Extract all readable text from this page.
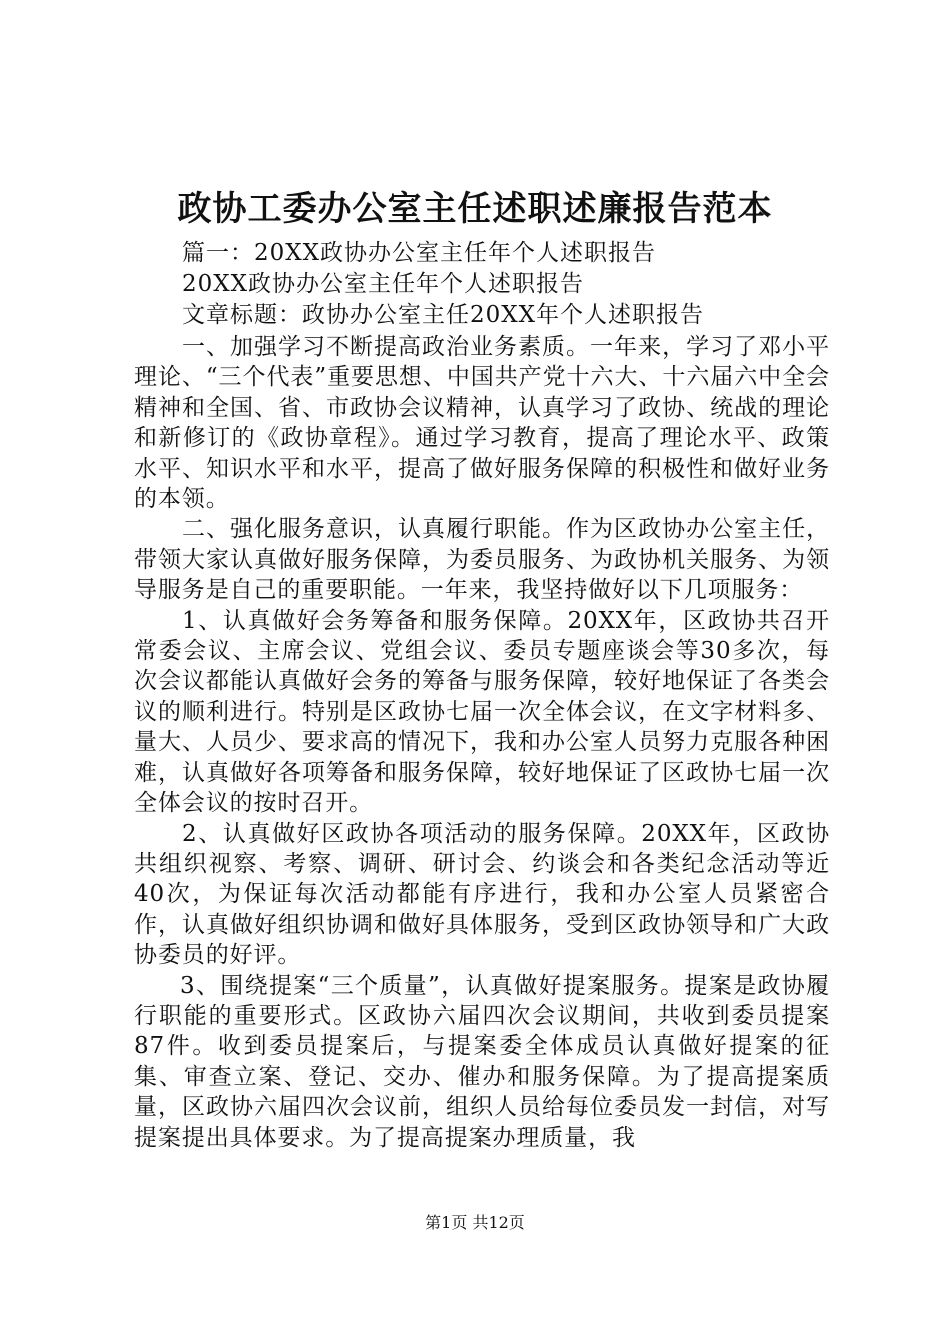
政协工委办公室主任述职述廉报告范本
篇一：20XX政协办公室主任年个人述职报告
20XX政协办公室主任年个人述职报告
文章标题：政协办公室主任20XX年个人述职报告

一、加强学习不断提高政治业务素质。一年来，学习了邓小平理论、“三个代表”重要思想、中国共产党十六大、十六届六中全会精神和全国、省、市政协会议精神，认真学习了政协、统战的理论和新修订的《政协章程》。通过学习教育，提高了理论水平、政策水平、知识水平和水平，提高了做好服务保障的积极性和做好业务的本领。

二、强化服务意识，认真履行职能。作为区政协办公室主任，带领大家认真做好服务保障，为委员服务、为政协机关服务、为领导服务是自己的重要职能。一年来，我坚持做好以下几项服务：

1、认真做好会务筹备和服务保障。20XX年，区政协共召开常委会议、主席会议、党组会议、委员专题座谈会等30多次，每次会议都能认真做好会务的筹备与服务保障，较好地保证了各类会议的顺利进行。特别是区政协七届一次全体会议，在文字材料多、量大、人员少、要求高的情况下，我和办公室人员努力克服各种困难，认真做好各项筹备和服务保障，较好地保证了区政协七届一次全体会议的按时召开。

2、认真做好区政协各项活动的服务保障。20XX年，区政协共组织视察、考察、调研、研讨会、约谈会和各类纪念活动等近40次，为保证每次活动都能有序进行，我和办公室人员紧密合作，认真做好组织协调和做好具体服务，受到区政协领导和广大政协委员的好评。

3、围绕提案“三个质量”，认真做好提案服务。提案是政协履行职能的重要形式。区政协六届四次会议期间，共收到委员提案87件。收到委员提案后，与提案委全体成员认真做好提案的征集、审查立案、登记、交办、催办和服务保障。为了提高提案质量，区政协六届四次会议前，组织人员给每位委员发一封信，对写提案提出具体要求。为了提高提案办理质量，我

第1页 共12页
